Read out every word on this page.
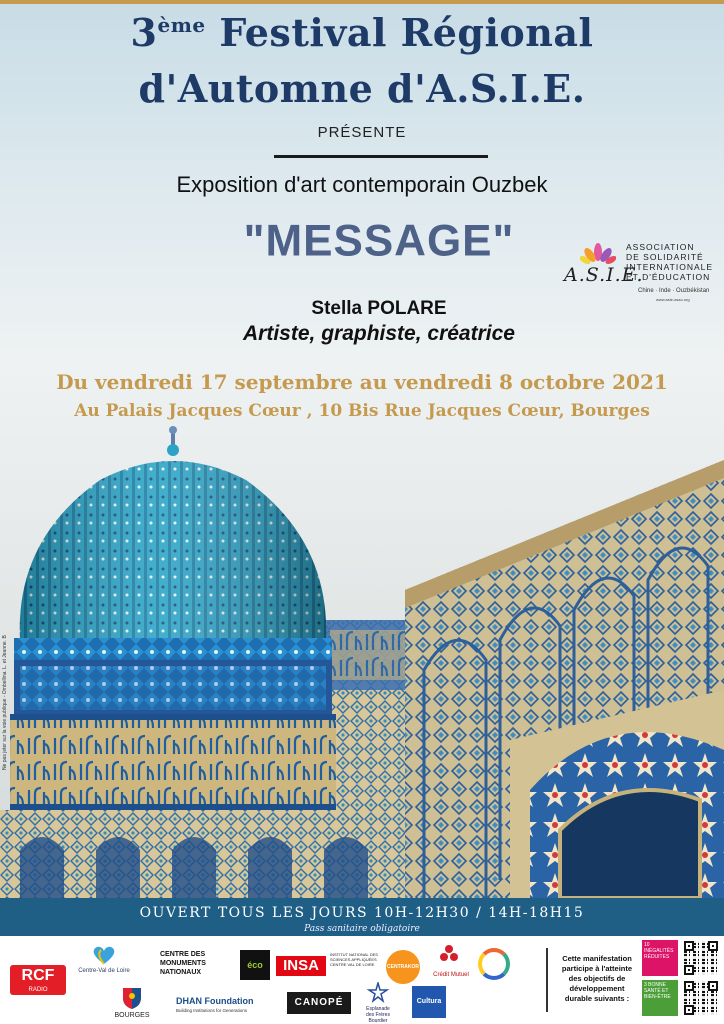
3ème Festival Régional
d'Automne d'A.S.I.E.
PRÉSENTE
Exposition d'art contemporain Ouzbek
"MESSAGE"
A.S.I.E.
ASSOCIATION
DE SOLIDARITÉ
INTERNATIONALE
ET D'ÉDUCATION
Chine · Inde · Ouzbékistan
www.asie-asso.org
Stella POLARE
Artiste, graphiste, créatrice
Du vendredi 17 septembre au vendredi 8 octobre 2021
Au Palais Jacques Cœur , 10 Bis Rue Jacques Cœur, Bourges
Ne pas jeter sur la voie publique - Ombellina. L. et Jeanne. B
OUVERT TOUS LES JOURS 10H-12H30 / 14H-18H15
Pass sanitaire obligatoire
RCF
RADIO
Centre-Val de Loire
BOURGES
CENTRE DES MONUMENTS NATIONAUX
DHAN Foundation
Building Institutions for Generations
éco	INSA
INSTITUT NATIONAL DES SCIENCES APPLIQUÉES CENTRE VAL DE LOIRE
CANOPÉ
CENTRAKOR
Crédit Mutuel
Esplanade des Frères Bourdier
Cultura
Cette manifestation participe à l'atteinte des objectifs de développement durable suivants :
10 INÉGALITÉS RÉDUITES
3 BONNE SANTÉ ET BIEN-ÊTRE
